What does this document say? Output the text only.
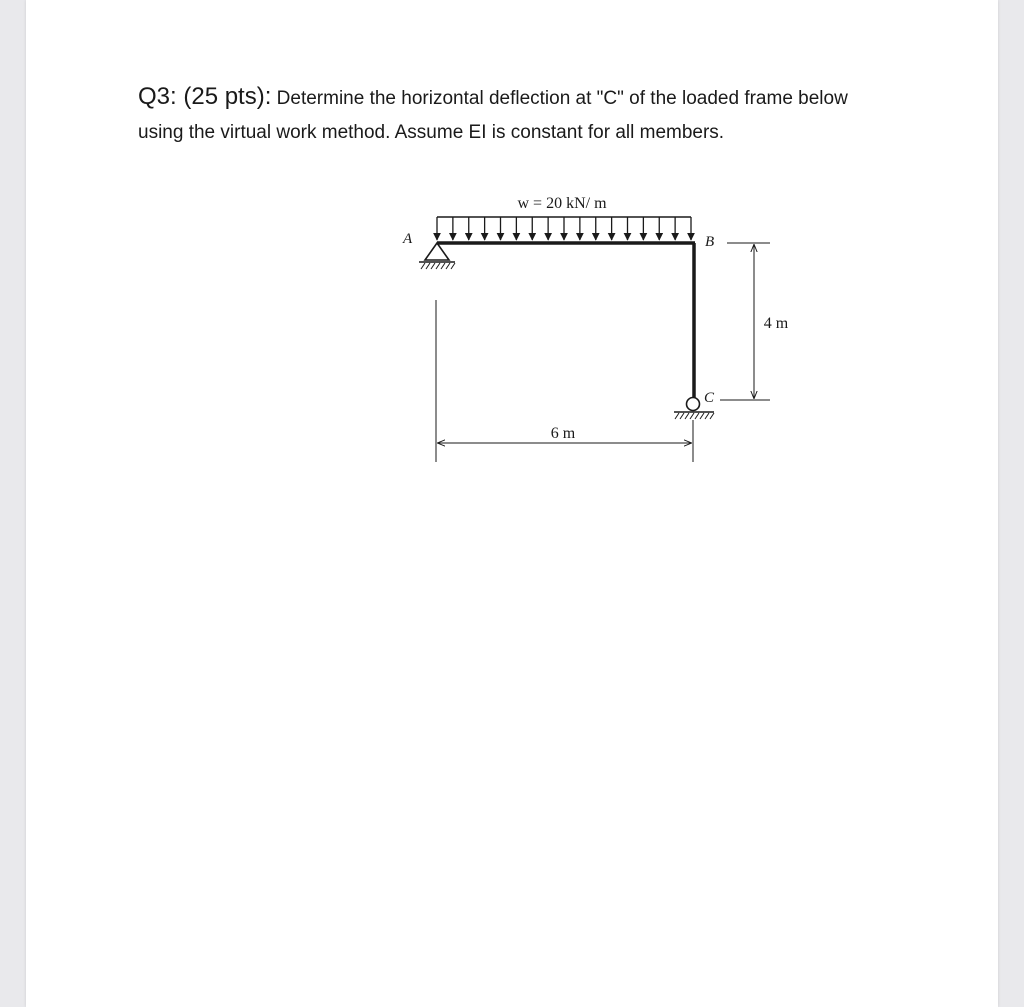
Q3: (25 pts): Determine the horizontal deflection at "C" of the loaded frame below using the virtual work method. Assume EI is constant for all members.
w = 20 kN/ m
A	B
C
4 m
6 m
